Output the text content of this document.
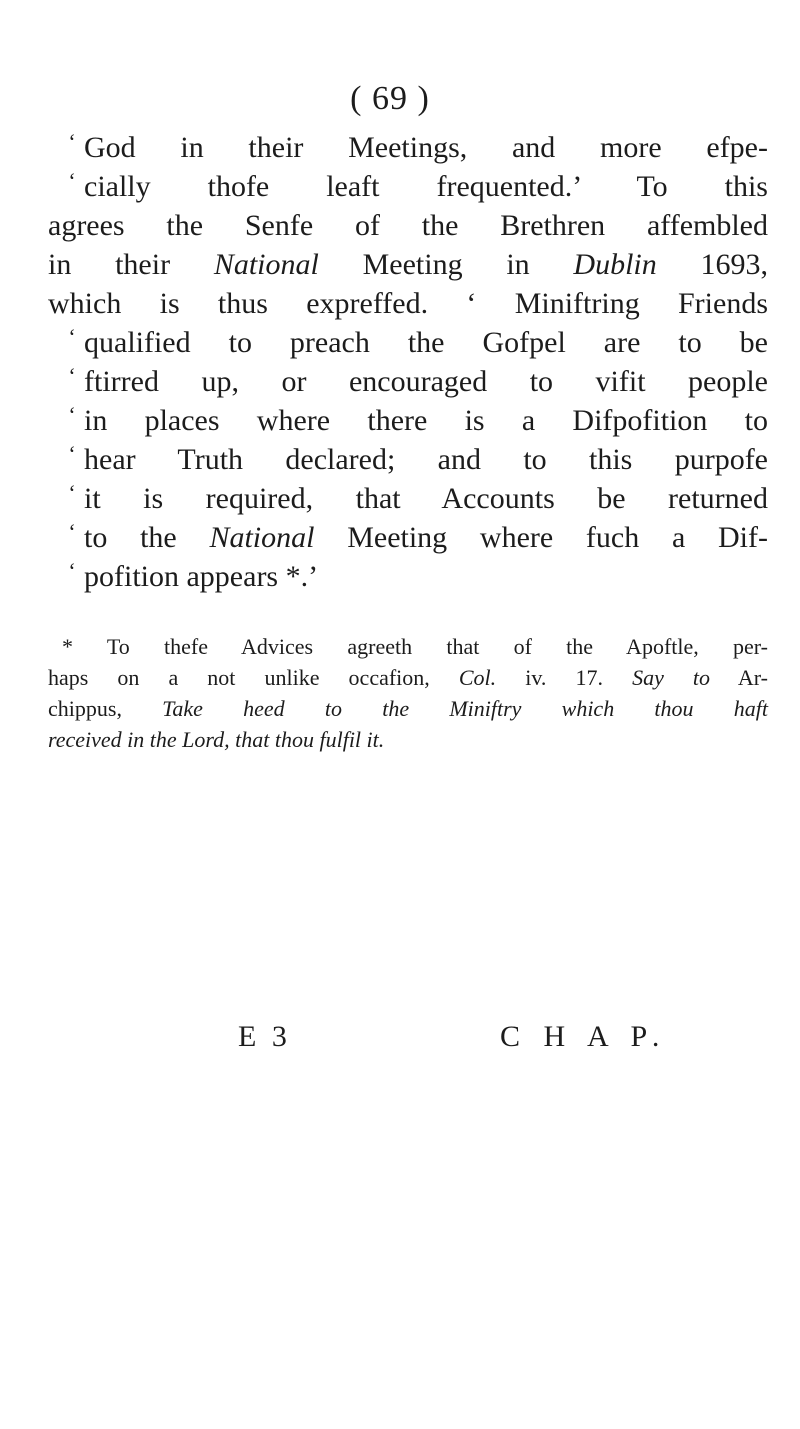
( 69 )
‘ God in their Meetings, and more efpe-
‘ cially thofe leaft frequented.’ To this
agrees the Senfe of the Brethren affembled
in their National Meeting in Dublin 1693,
which is thus expreffed. ‘ Miniftring Friends
‘ qualified to preach the Gofpel are to be
‘ ftirred up, or encouraged to vifit people
‘ in places where there is a Difpofition to
‘ hear Truth declared; and to this purpofe
‘ it is required, that Accounts be returned
‘ to the National Meeting where fuch a Dif-
‘ pofition appears *.’
* To thefe Advices agreeth that of the Apoftle, per-
haps on a not unlike occafion, Col. iv. 17. Say to Ar-
chippus, Take heed to the Miniftry which thou haft
received in the Lord, that thou fulfil it.
E 3	C H A P.
